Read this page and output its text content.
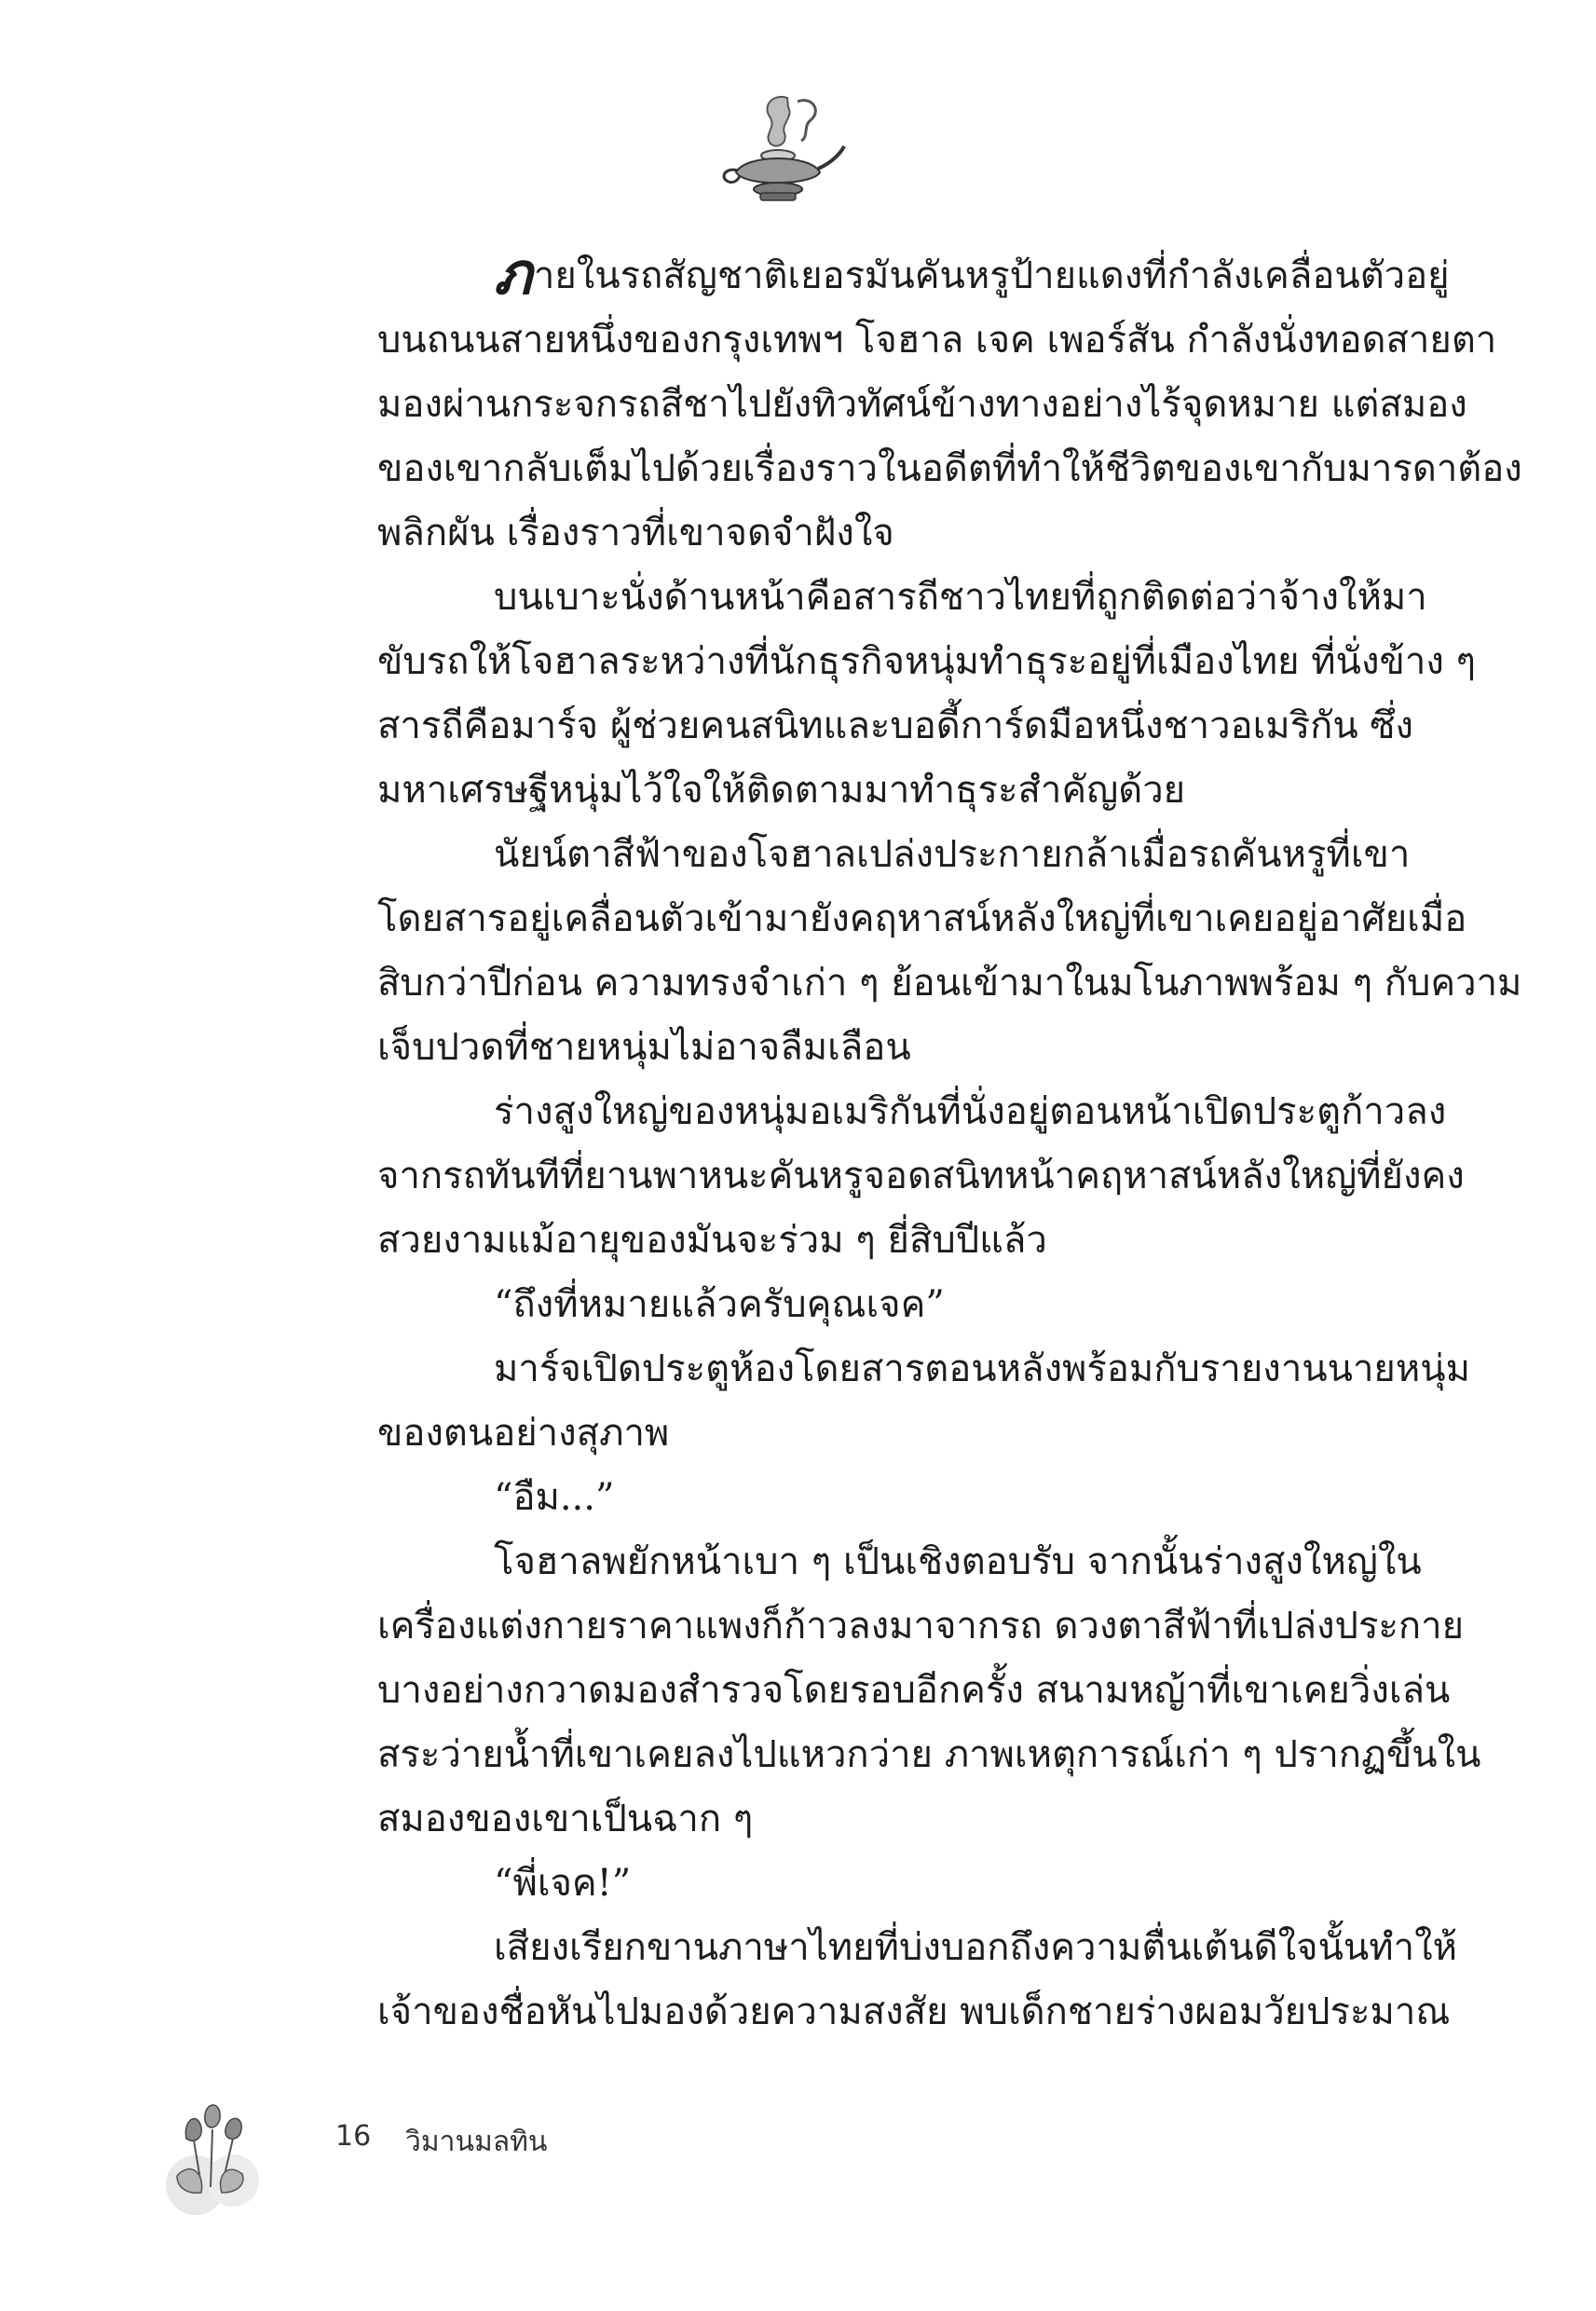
ภายในรถสัญชาติเยอรมันคันหรูป้ายแดงที่กำลังเคลื่อนตัวอยู่
บนถนนสายหนึ่งของกรุงเทพฯ โจฮาล เจค เพอร์สัน กำลังนั่งทอดสายตา
มองผ่านกระจกรถสีชาไปยังทิวทัศน์ข้างทางอย่างไร้จุดหมาย แต่สมอง
ของเขากลับเต็มไปด้วยเรื่องราวในอดีตที่ทำให้ชีวิตของเขากับมารดาต้อง
พลิกผัน เรื่องราวที่เขาจดจำฝังใจ
บนเบาะนั่งด้านหน้าคือสารถีชาวไทยที่ถูกติดต่อว่าจ้างให้มา
ขับรถให้โจฮาลระหว่างที่นักธุรกิจหนุ่มทำธุระอยู่ที่เมืองไทย ที่นั่งข้าง ๆ
สารถีคือมาร์จ ผู้ช่วยคนสนิทและบอดี้การ์ดมือหนึ่งชาวอเมริกัน ซึ่ง
มหาเศรษฐีหนุ่มไว้ใจให้ติดตามมาทำธุระสำคัญด้วย
นัยน์ตาสีฟ้าของโจฮาลเปล่งประกายกล้าเมื่อรถคันหรูที่เขา
โดยสารอยู่เคลื่อนตัวเข้ามายังคฤหาสน์หลังใหญ่ที่เขาเคยอยู่อาศัยเมื่อ
สิบกว่าปีก่อน ความทรงจำเก่า ๆ ย้อนเข้ามาในมโนภาพพร้อม ๆ กับความ
เจ็บปวดที่ชายหนุ่มไม่อาจลืมเลือน
ร่างสูงใหญ่ของหนุ่มอเมริกันที่นั่งอยู่ตอนหน้าเปิดประตูก้าวลง
จากรถทันทีที่ยานพาหนะคันหรูจอดสนิทหน้าคฤหาสน์หลังใหญ่ที่ยังคง
สวยงามแม้อายุของมันจะร่วม ๆ ยี่สิบปีแล้ว
“ถึงที่หมายแล้วครับคุณเจค”
มาร์จเปิดประตูห้องโดยสารตอนหลังพร้อมกับรายงานนายหนุ่ม
ของตนอย่างสุภาพ
“อืม...”
โจฮาลพยักหน้าเบา ๆ เป็นเชิงตอบรับ จากนั้นร่างสูงใหญ่ใน
เครื่องแต่งกายราคาแพงก็ก้าวลงมาจากรถ ดวงตาสีฟ้าที่เปล่งประกาย
บางอย่างกวาดมองสำรวจโดยรอบอีกครั้ง สนามหญ้าที่เขาเคยวิ่งเล่น
สระว่ายน้ำที่เขาเคยลงไปแหวกว่าย ภาพเหตุการณ์เก่า ๆ ปรากฏขึ้นใน
สมองของเขาเป็นฉาก ๆ
“พี่เจค!”
เสียงเรียกขานภาษาไทยที่บ่งบอกถึงความตื่นเต้นดีใจนั้นทำให้
เจ้าของชื่อหันไปมองด้วยความสงสัย พบเด็กชายร่างผอมวัยประมาณ
16 วิมานมลทิน
